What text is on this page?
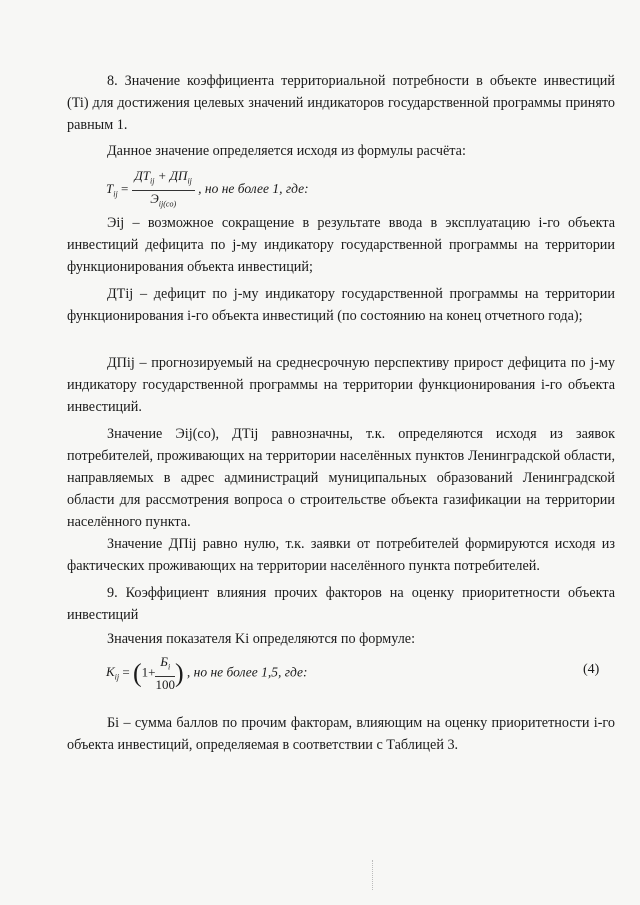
8. Значение коэффициента территориальной потребности в объекте инвестиций (Ti) для достижения целевых значений индикаторов государственной программы принято равным 1.

Данное значение определяется исходя из формулы расчёта:

$T_{ij} = \frac{ДТ_{ij} + ДП_{ij}}{Э_{ij(co)}}$ , но не более 1, где:

Эij – возможное сокращение в результате ввода в эксплуатацию i-го объекта инвестиций дефицита по j-му индикатору государственной программы на территории функционирования объекта инвестиций;

ДТij – дефицит по j-му индикатору государственной программы на территории функционирования i-го объекта инвестиций (по состоянию на конец отчетного года);

ДПij – прогнозируемый на среднесрочную перспективу прирост дефицита по j-му индикатору государственной программы на территории функционирования i-го объекта инвестиций.

Значение Эij(co), ДТij равнозначны, т.к. определяются исходя из заявок потребителей, проживающих на территории населённых пунктов Ленинградской области, направляемых в адрес администраций муниципальных образований Ленинградской области для рассмотрения вопроса о строительстве объекта газификации на территории населённого пункта.

Значение ДПij равно нулю, т.к. заявки от потребителей формируются исходя из фактических проживающих на территории населённого пункта потребителей.

9. Коэффициент влияния прочих факторов на оценку приоритетности объекта инвестиций

Значения показателя Ki определяются по формуле:

$K_{ij} = (1+ \frac{Б_i}{100}$ ) , но не более 1,5, где:	(4)

Бi – сумма баллов по прочим факторам, влияющим на оценку приоритетности i-го объекта инвестиций, определяемая в соответствии с Таблицей 3.
